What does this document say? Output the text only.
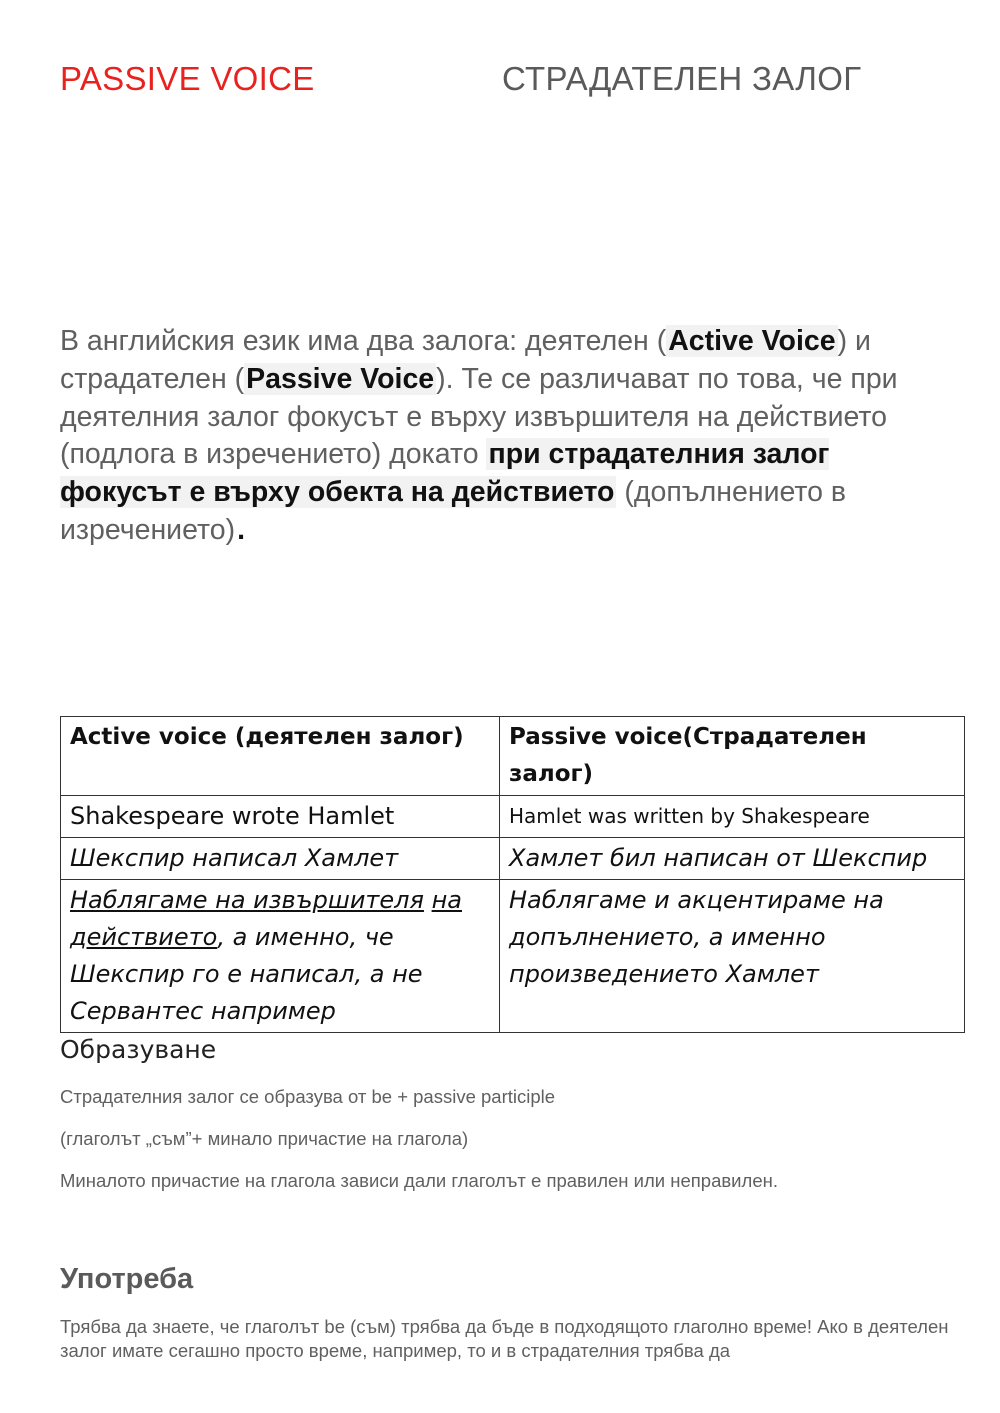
PASSIVE VOICE	СТРАДАТЕЛЕН ЗАЛОГ
В английския език има два залога: деятелен (Active Voice) и страдателен (Passive Voice). Те се различават по това, че при деятелния залог фокусът е върху извършителя на действието (подлога в изречението) докато при страдателния залог фокусът е върху обекта на действието (допълнението в изречението).
Active voice (деятелен залог)	Passive voice(Страдателен залог)
Shakespeare wrote Hamlet	Hamlet was written by Shakespeare
Шекспир написал Хамлет	Хамлет бил написан от Шекспир
Наблягаме на извършителя на действието, а именно, че Шекспир го е написал, а не Сервантес например	Наблягаме и акцентираме на допълнението, а именно произведението Хамлет
Образуване
Страдателния залог се образува от be + passive participle
(глаголът „съм”+ минало причастие на глагола)
Миналото причастие на глагола зависи дали глаголът е правилен или неправилен.
Употреба
Трябва да знаете, че глаголът be (съм) трябва да бъде в подходящото глаголно време! Ако в деятелен залог имате сегашно просто време, например, то и в страдателния трябва да
